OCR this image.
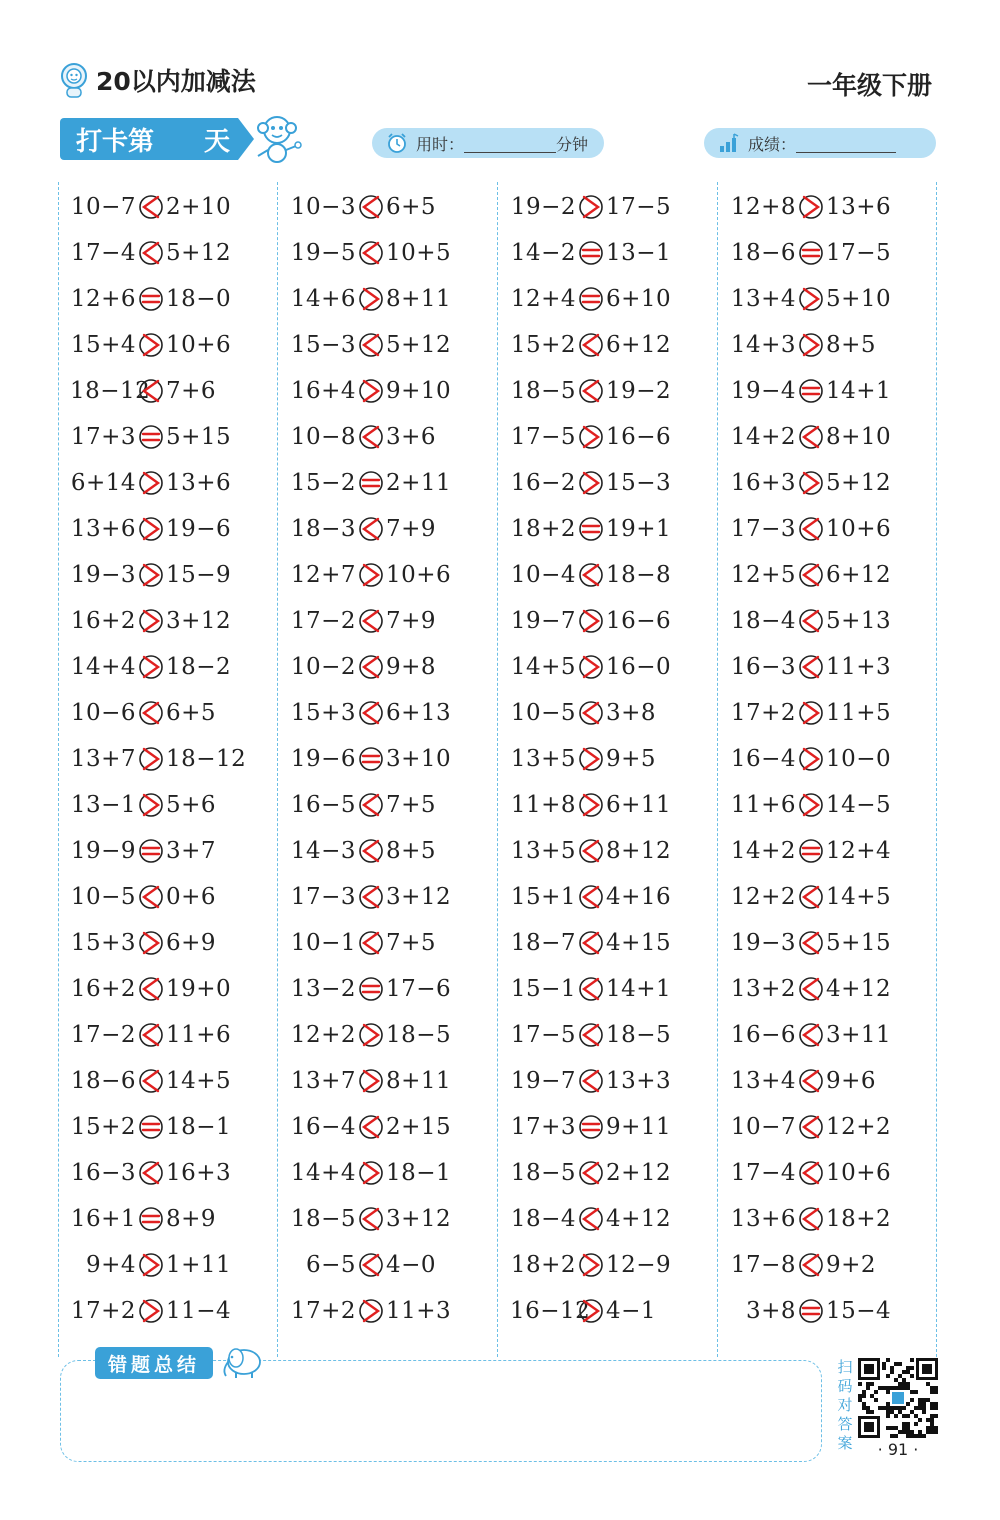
20以内加减法	一年级下册
打卡第 天	用时：	分钟	成绩：
10−7 2+10
17−4 5+12
12+6 18−0
15+4 10+6
18−12 7+6
17+3 5+15
6+14 13+6
13+6 19−6
19−3 15−9
16+2 3+12
14+4 18−2
10−6 6+5
13+7 18−12
13−1 5+6
19−9 3+7
10−5 0+6
15+3 6+9
16+2 19+0
17−2 11+6
18−6 14+5
15+2 18−1
16−3 16+3
16+1 8+9
9+4 1+11
17+2 11−4
10−3 6+5
19−5 10+5
14+6 8+11
15−3 5+12
16+4 9+10
10−8 3+6
15−2 2+11
18−3 7+9
12+7 10+6
17−2 7+9
10−2 9+8
15+3 6+13
19−6 3+10
16−5 7+5
14−3 8+5
17−3 3+12
10−1 7+5
13−2 17−6
12+2 18−5
13+7 8+11
16−4 2+15
14+4 18−1
18−5 3+12
6−5 4−0
17+2 11+3
19−2 17−5
14−2 13−1
12+4 6+10
15+2 6+12
18−5 19−2
17−5 16−6
16−2 15−3
18+2 19+1
10−4 18−8
19−7 16−6
14+5 16−0
10−5 3+8
13+5 9+5
11+8 6+11
13+5 8+12
15+1 4+16
18−7 4+15
15−1 14+1
17−5 18−5
19−7 13+3
17+3 9+11
18−5 2+12
18−4 4+12
18+2 12−9
16−12 4−1
12+8 13+6
18−6 17−5
13+4 5+10
14+3 8+5
19−4 14+1
14+2 8+10
16+3 5+12
17−3 10+6
12+5 6+12
18−4 5+13
16−3 11+3
17+2 11+5
16−4 10−0
11+6 14−5
14+2 12+4
12+2 14+5
19−3 5+15
13+2 4+12
16−6 3+11
13+4 9+6
10−7 12+2
17−4 10+6
13+6 18+2
17−8 9+2
3+8 15−4
错题总结	扫码对答案	· 91 ·
